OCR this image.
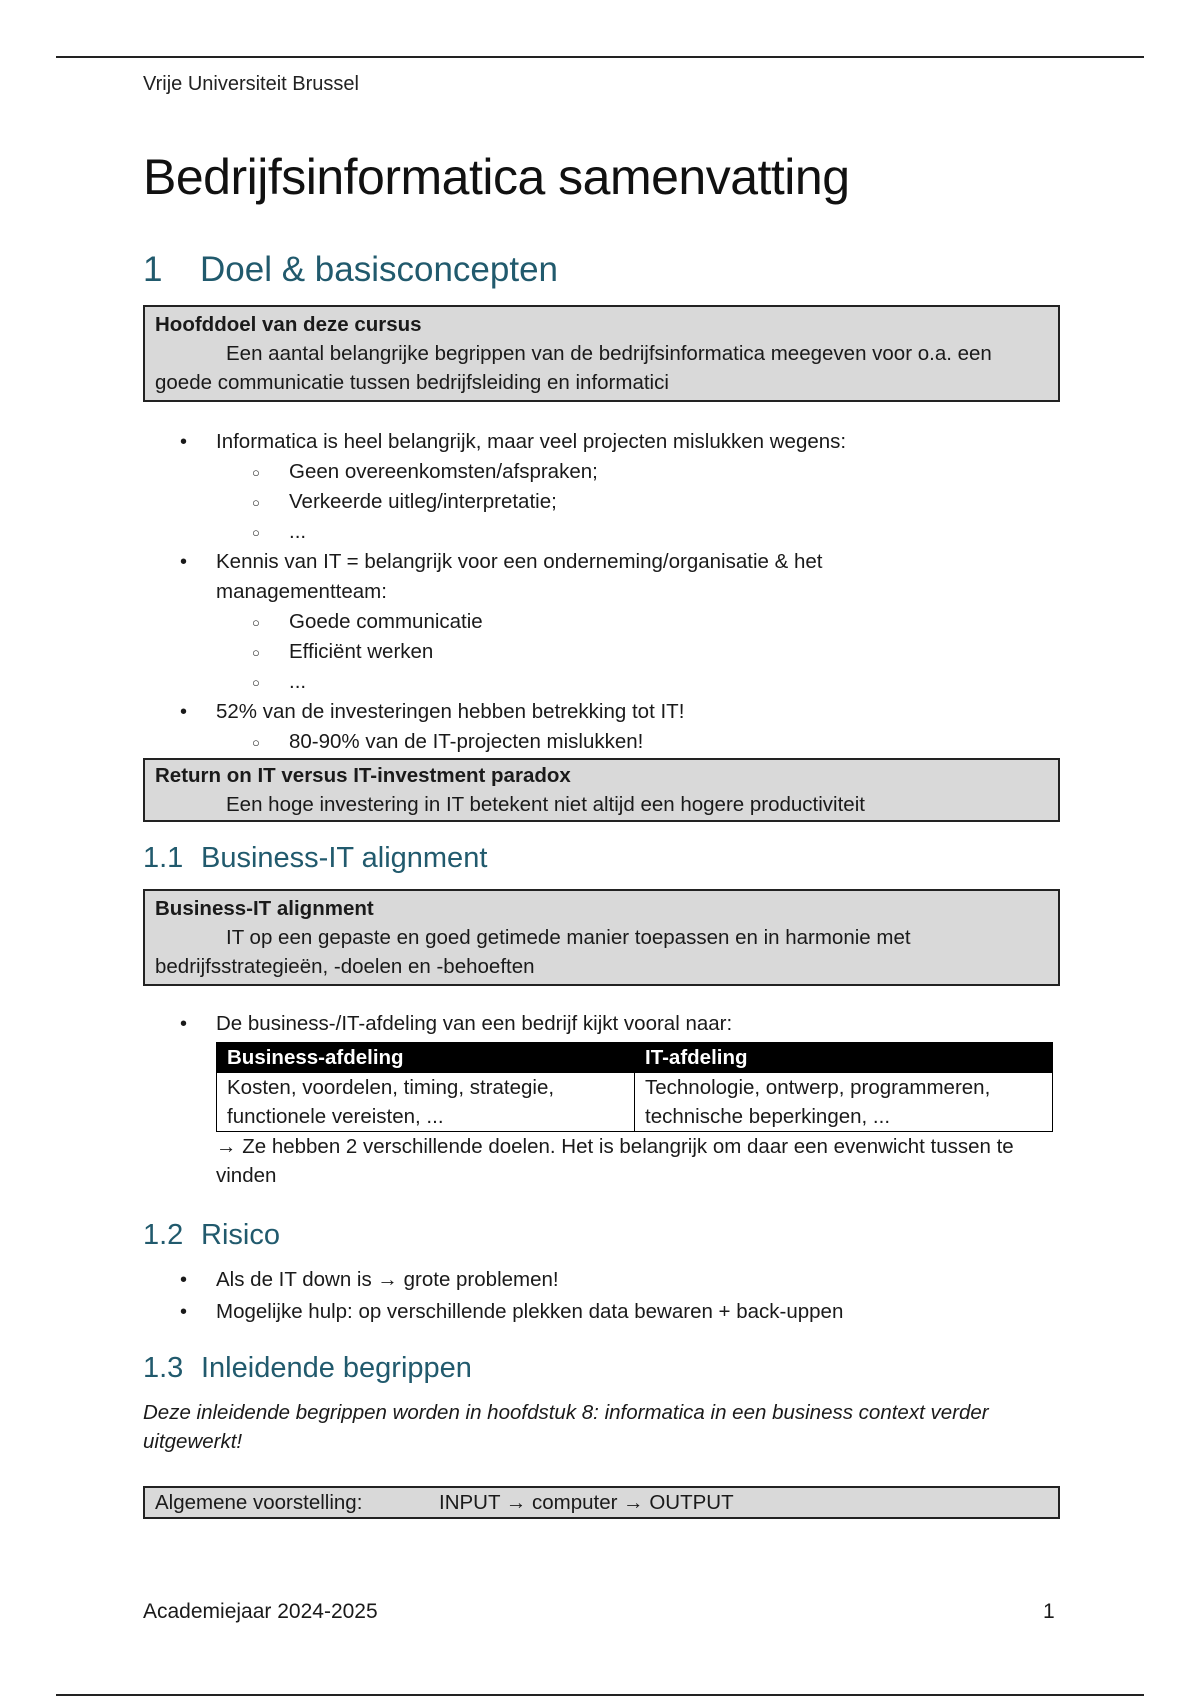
Vrije Universiteit Brussel
Bedrijfsinformatica samenvatting
1 Doel & basisconcepten
Hoofddoel van deze cursus
Een aantal belangrijke begrippen van de bedrijfsinformatica meegeven voor o.a. een goede communicatie tussen bedrijfsleiding en informatici
• Informatica is heel belangrijk, maar veel projecten mislukken wegens:
○ Geen overeenkomsten/afspraken;
○ Verkeerde uitleg/interpretatie;
○ ...
• Kennis van IT = belangrijk voor een onderneming/organisatie & het managementteam:
○ Goede communicatie
○ Efficiënt werken
○ ...
• 52% van de investeringen hebben betrekking tot IT!
○ 80-90% van de IT-projecten mislukken!
Return on IT versus IT-investment paradox
Een hoge investering in IT betekent niet altijd een hogere productiviteit
1.1 Business-IT alignment
Business-IT alignment
IT op een gepaste en goed getimede manier toepassen en in harmonie met bedrijfsstrategieën, -doelen en -behoeften
• De business-/IT-afdeling van een bedrijf kijkt vooral naar:
Business-afdeling	IT-afdeling
Kosten, voordelen, timing, strategie, functionele vereisten, ...	Technologie, ontwerp, programmeren, technische beperkingen, ...
→ Ze hebben 2 verschillende doelen. Het is belangrijk om daar een evenwicht tussen te vinden
1.2 Risico
• Als de IT down is → grote problemen!
• Mogelijke hulp: op verschillende plekken data bewaren + back-uppen
1.3 Inleidende begrippen
Deze inleidende begrippen worden in hoofdstuk 8: informatica in een business context verder uitgewerkt!
Algemene voorstelling:	INPUT → computer → OUTPUT
Academiejaar 2024-2025	1
